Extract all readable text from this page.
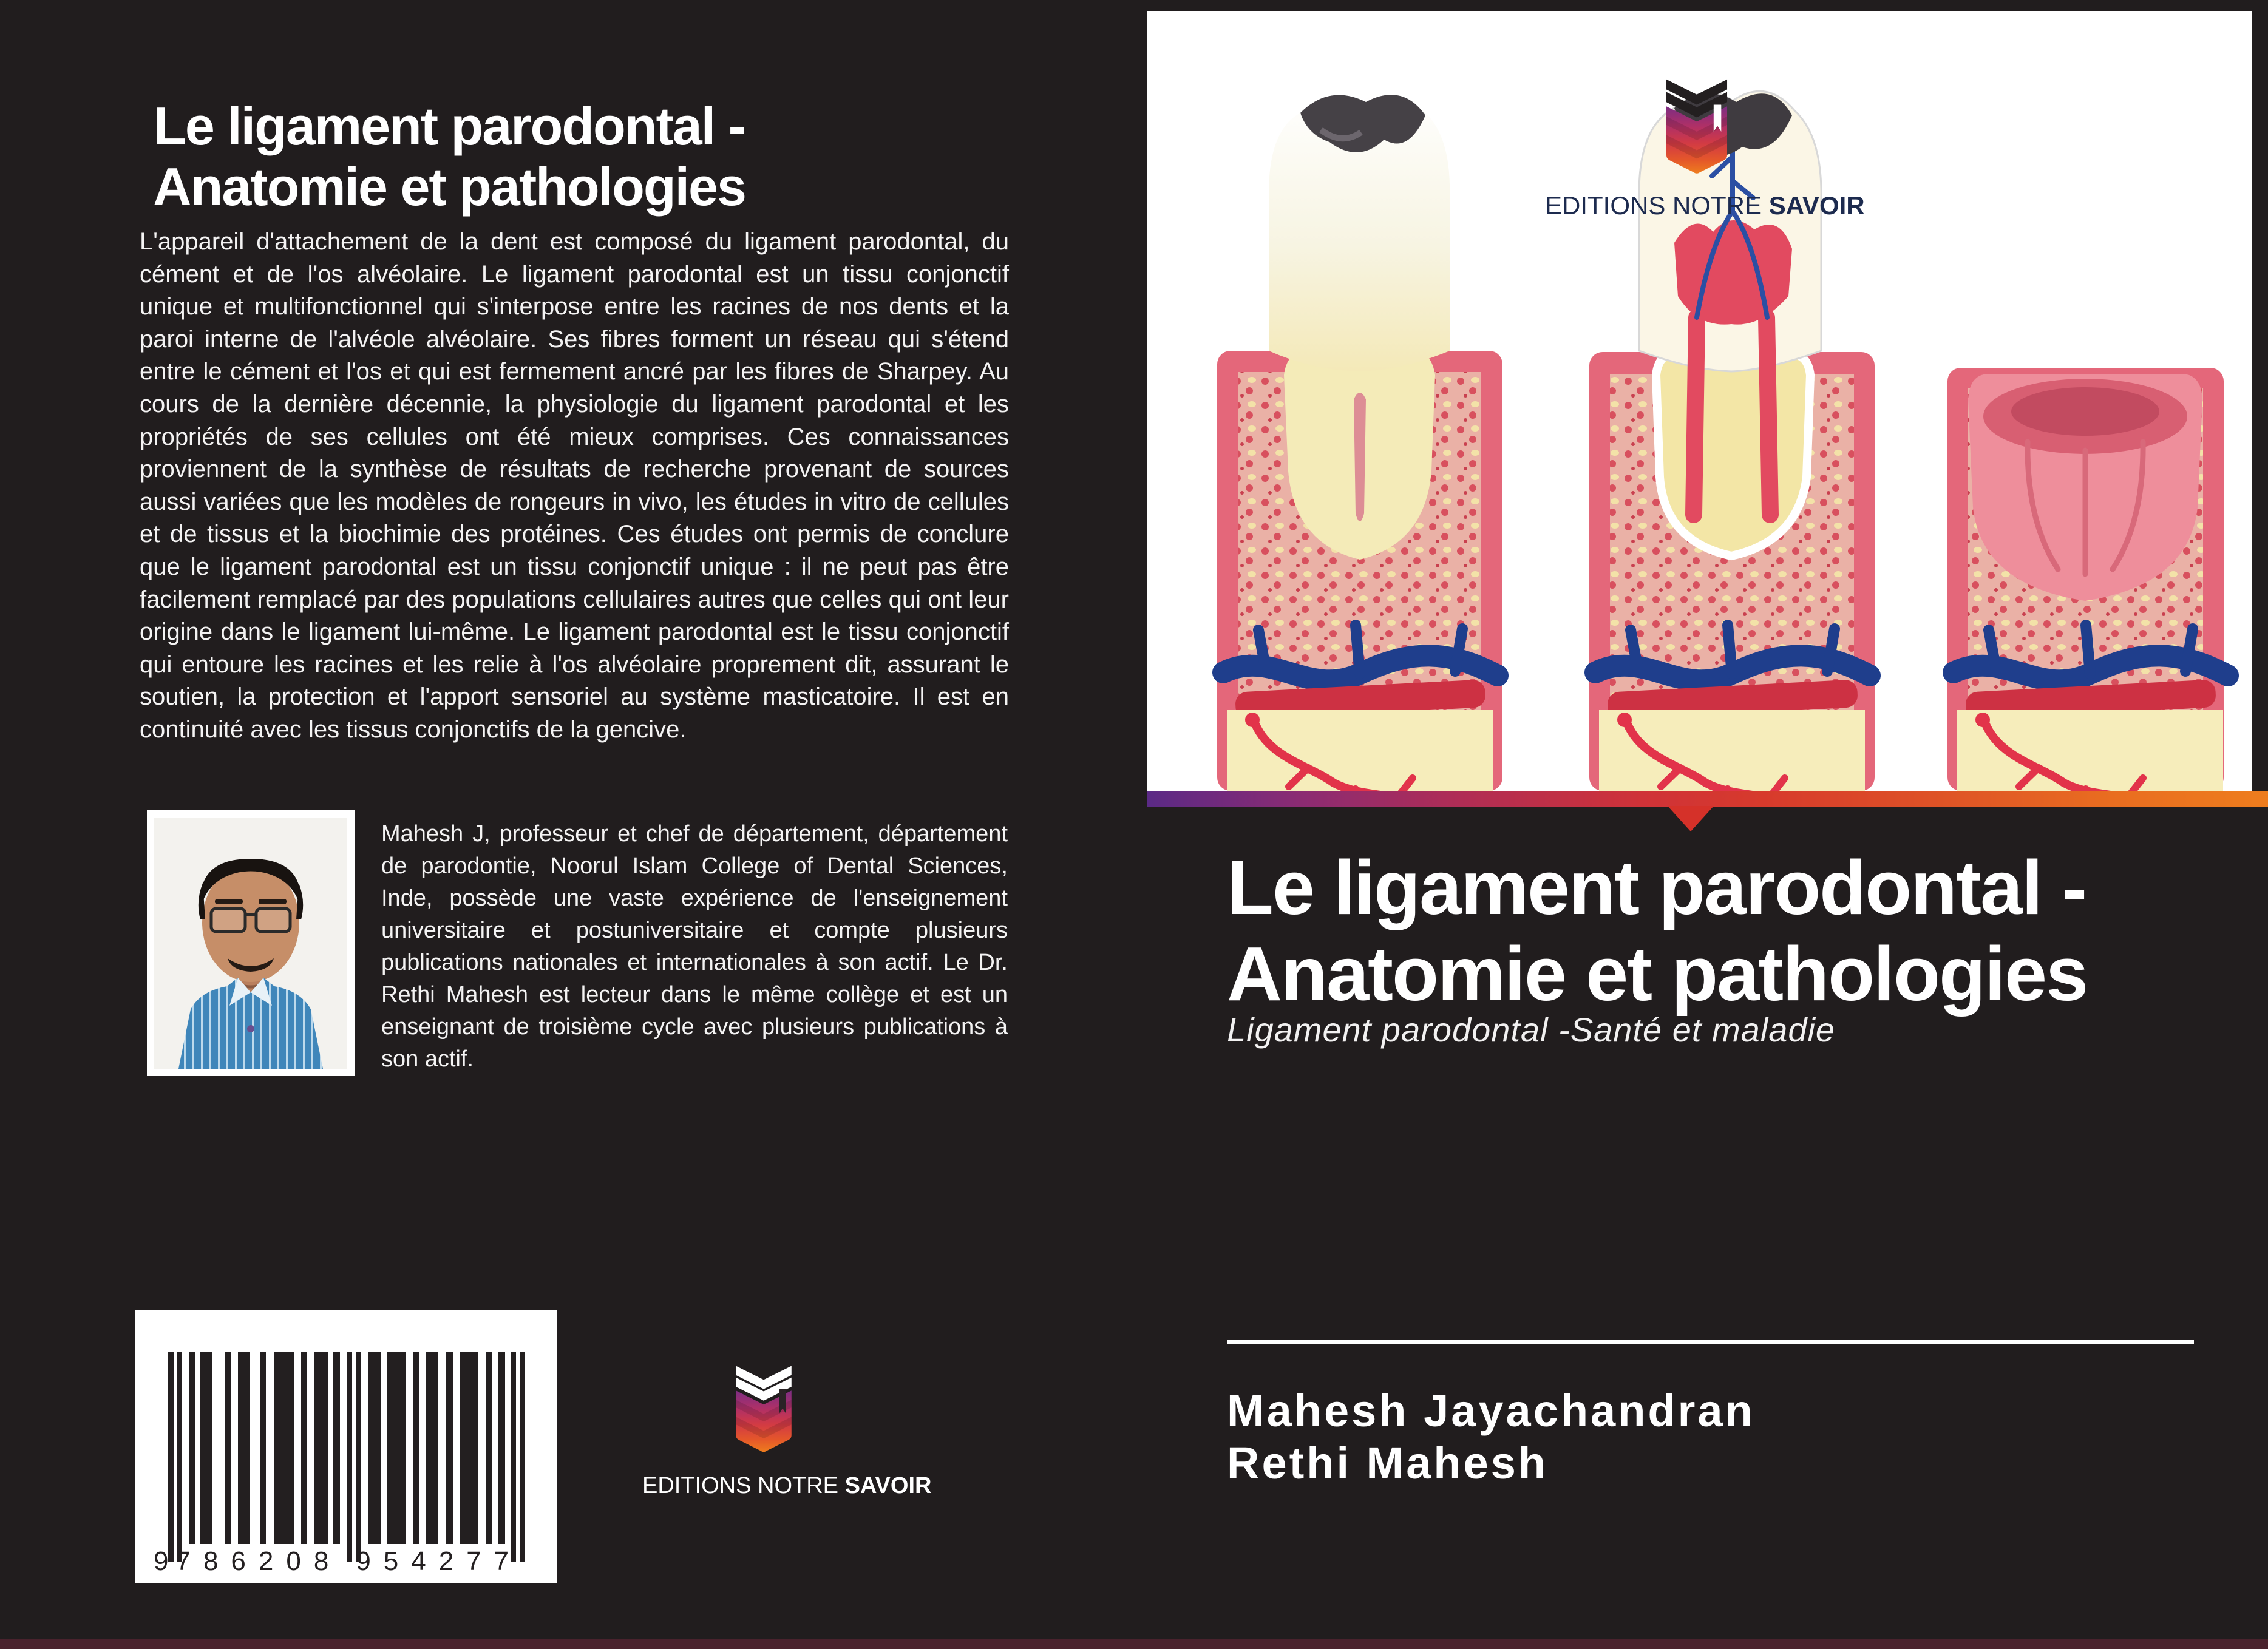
Le ligament parodontal -
Anatomie et pathologies
L'appareil d'attachement de la dent est composé du ligament parodontal, du cément et de l'os alvéolaire. Le ligament parodontal est un tissu conjonctif unique et multifonctionnel qui s'interpose entre les racines de nos dents et la paroi interne de l'alvéole alvéolaire. Ses fibres forment un réseau qui s'étend entre le cément et l'os et qui est fermement ancré par les fibres de Sharpey. Au cours de la dernière décennie, la physiologie du ligament parodontal et les propriétés de ses cellules ont été mieux comprises. Ces connaissances proviennent de la synthèse de résultats de recherche provenant de sources aussi variées que les modèles de rongeurs in vivo, les études in vitro de cellules et de tissus et la biochimie des protéines. Ces études ont permis de conclure que le ligament parodontal est un tissu conjonctif unique : il ne peut pas être facilement remplacé par des populations cellulaires autres que celles qui ont leur origine dans le ligament lui-même. Le ligament parodontal est le tissu conjonctif qui entoure les racines et les relie à l'os alvéolaire proprement dit, assurant le soutien, la protection et l'apport sensoriel au système masticatoire. Il est en continuité avec les tissus conjonctifs de la gencive.
Mahesh J, professeur et chef de département, département de parodontie, Noorul Islam College of Dental Sciences, Inde, possède une vaste expérience de l'enseignement universitaire et postuniversitaire et compte plusieurs publications nationales et internationales à son actif. Le Dr. Rethi Mahesh est lecteur dans le même collège et est un enseignant de troisième cycle avec plusieurs publications à son actif.
9 786208 954277
EDITIONS NOTRE SAVOIR
EDITIONS NOTRE SAVOIR
Le ligament parodontal -
Anatomie et pathologies
Ligament parodontal -Santé et maladie
Mahesh Jayachandran
Rethi Mahesh
